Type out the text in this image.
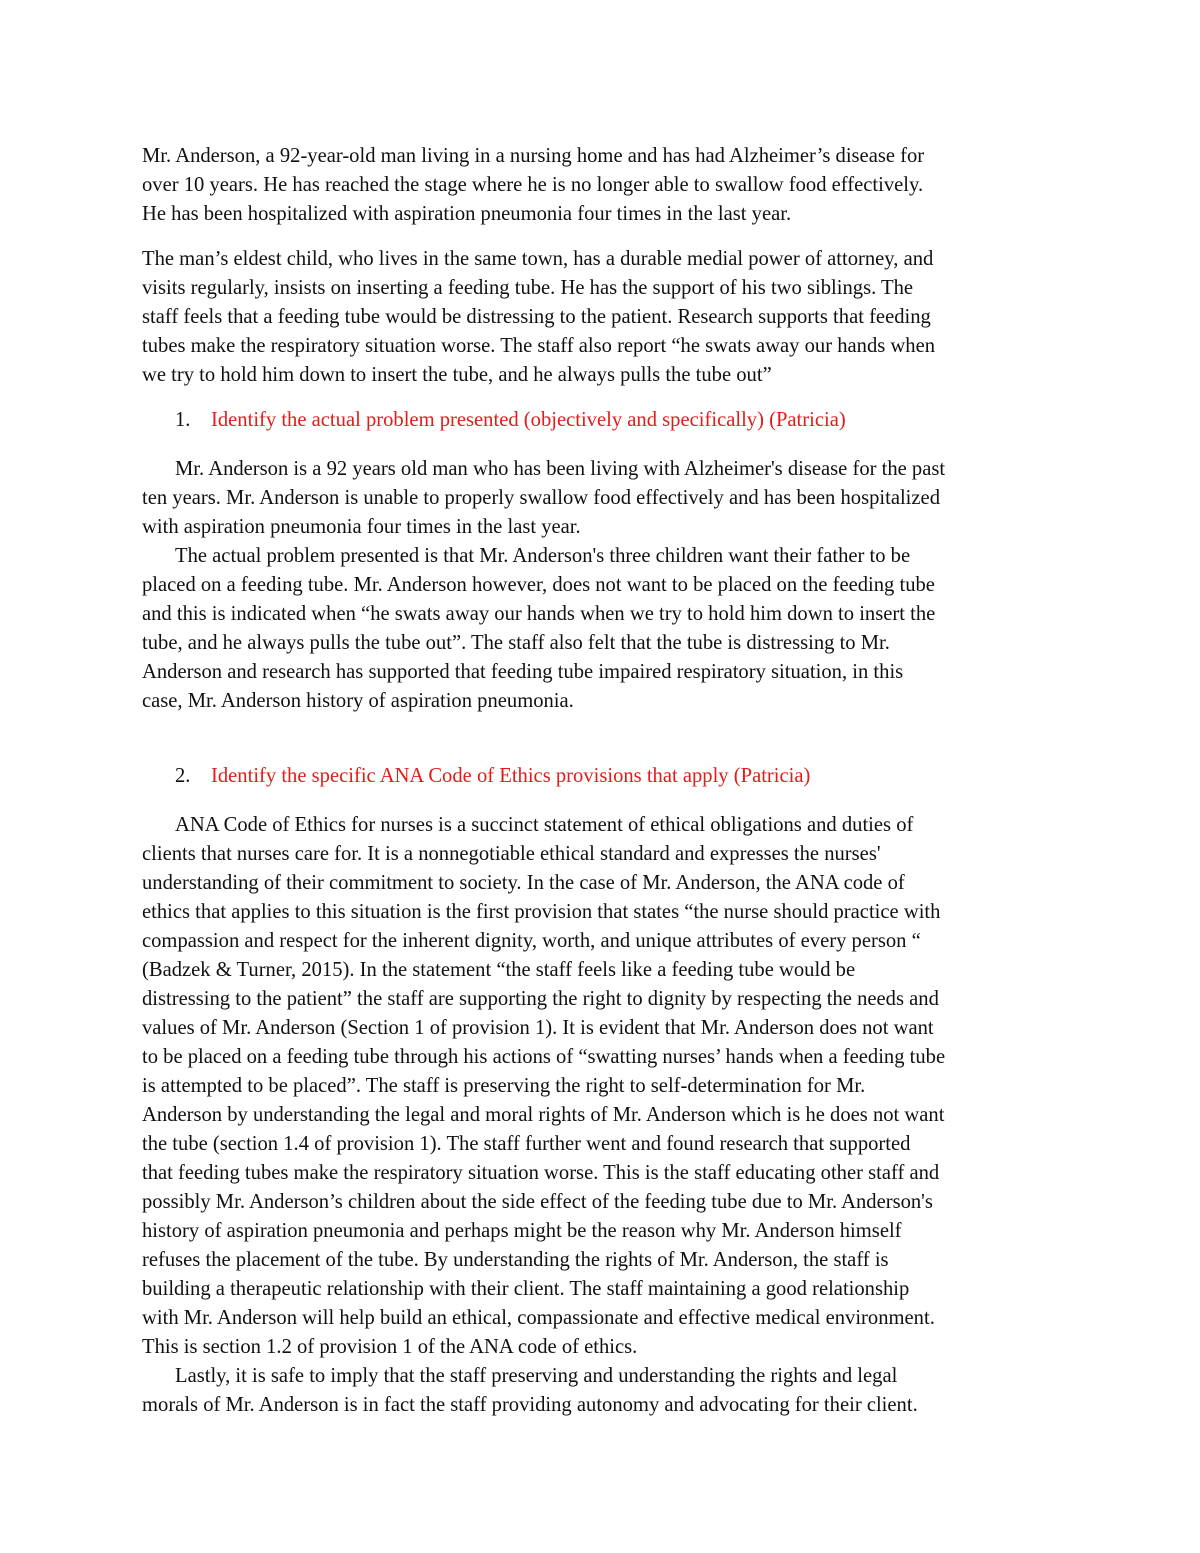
Mr. Anderson, a 92-year-old man living in a nursing home and has had Alzheimer’s disease for
over 10 years. He has reached the stage where he is no longer able to swallow food effectively.
He has been hospitalized with aspiration pneumonia four times in the last year.
The man’s eldest child, who lives in the same town, has a durable medial power of attorney, and
visits regularly, insists on inserting a feeding tube. He has the support of his two siblings. The
staff feels that a feeding tube would be distressing to the patient. Research supports that feeding
tubes make the respiratory situation worse. The staff also report “he swats away our hands when
we try to hold him down to insert the tube, and he always pulls the tube out”
1. Identify the actual problem presented (objectively and specifically) (Patricia)
Mr. Anderson is a 92 years old man who has been living with Alzheimer's disease for the past
ten years. Mr. Anderson is unable to properly swallow food effectively and has been hospitalized
with aspiration pneumonia four times in the last year.
The actual problem presented is that Mr. Anderson's three children want their father to be
placed on a feeding tube. Mr. Anderson however, does not want to be placed on the feeding tube
and this is indicated when “he swats away our hands when we try to hold him down to insert the
tube, and he always pulls the tube out”. The staff also felt that the tube is distressing to Mr.
Anderson and research has supported that feeding tube impaired respiratory situation, in this
case, Mr. Anderson history of aspiration pneumonia.
2. Identify the specific ANA Code of Ethics provisions that apply (Patricia)
ANA Code of Ethics for nurses is a succinct statement of ethical obligations and duties of
clients that nurses care for. It is a nonnegotiable ethical standard and expresses the nurses'
understanding of their commitment to society. In the case of Mr. Anderson, the ANA code of
ethics that applies to this situation is the first provision that states “the nurse should practice with
compassion and respect for the inherent dignity, worth, and unique attributes of every person “
(Badzek & Turner, 2015). In the statement “the staff feels like a feeding tube would be
distressing to the patient” the staff are supporting the right to dignity by respecting the needs and
values of Mr. Anderson (Section 1 of provision 1). It is evident that Mr. Anderson does not want
to be placed on a feeding tube through his actions of “swatting nurses’ hands when a feeding tube
is attempted to be placed”. The staff is preserving the right to self-determination for Mr.
Anderson by understanding the legal and moral rights of Mr. Anderson which is he does not want
the tube (section 1.4 of provision 1). The staff further went and found research that supported
that feeding tubes make the respiratory situation worse. This is the staff educating other staff and
possibly Mr. Anderson’s children about the side effect of the feeding tube due to Mr. Anderson's
history of aspiration pneumonia and perhaps might be the reason why Mr. Anderson himself
refuses the placement of the tube. By understanding the rights of Mr. Anderson, the staff is
building a therapeutic relationship with their client. The staff maintaining a good relationship
with Mr. Anderson will help build an ethical, compassionate and effective medical environment.
This is section 1.2 of provision 1 of the ANA code of ethics.
Lastly, it is safe to imply that the staff preserving and understanding the rights and legal
morals of Mr. Anderson is in fact the staff providing autonomy and advocating for their client.
